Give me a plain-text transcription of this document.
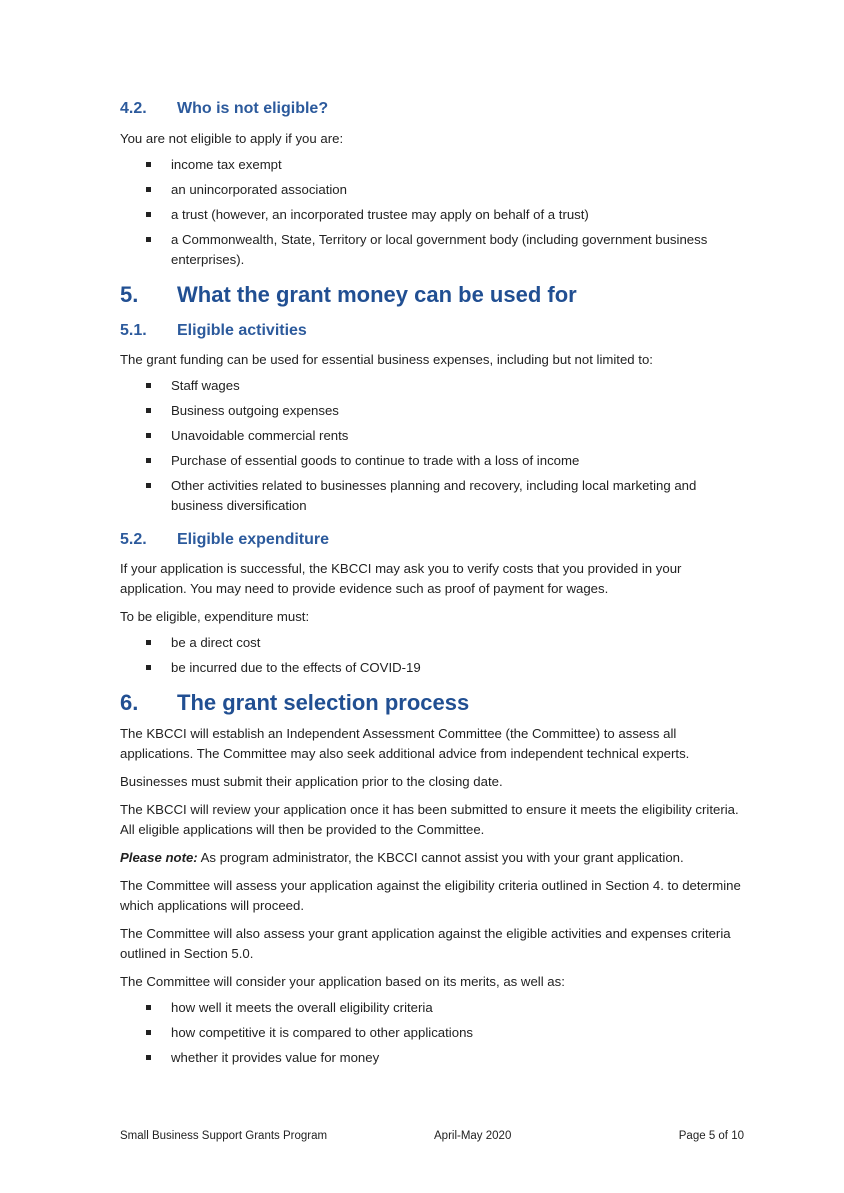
4.2.	Who is not eligible?

You are not eligible to apply if you are:

income tax exempt
an unincorporated association
a trust (however, an incorporated trustee may apply on behalf of a trust)
a Commonwealth, State, Territory or local government body (including government business enterprises).
5.	What the grant money can be used for
5.1.	Eligible activities

The grant funding can be used for essential business expenses, including but not limited to:

Staff wages
Business outgoing expenses
Unavoidable commercial rents
Purchase of essential goods to continue to trade with a loss of income
Other activities related to businesses planning and recovery, including local marketing and business diversification
5.2.	Eligible expenditure

If your application is successful, the KBCCI may ask you to verify costs that you provided in your application. You may need to provide evidence such as proof of payment for wages.

To be eligible, expenditure must:

be a direct cost
be incurred due to the effects of COVID-19
6.	The grant selection process

The KBCCI will establish an Independent Assessment Committee (the Committee) to assess all applications. The Committee may also seek additional advice from independent technical experts.

Businesses must submit their application prior to the closing date.

The KBCCI will review your application once it has been submitted to ensure it meets the eligibility criteria. All eligible applications will then be provided to the Committee.

Please note: As program administrator, the KBCCI cannot assist you with your grant application.

The Committee will assess your application against the eligibility criteria outlined in Section 4. to determine which applications will proceed.

The Committee will also assess your grant application against the eligible activities and expenses criteria outlined in Section 5.0.

The Committee will consider your application based on its merits, as well as:

how well it meets the overall eligibility criteria
how competitive it is compared to other applications
whether it provides value for money
Small Business Support Grants Program	April-May 2020	Page 5 of 10
